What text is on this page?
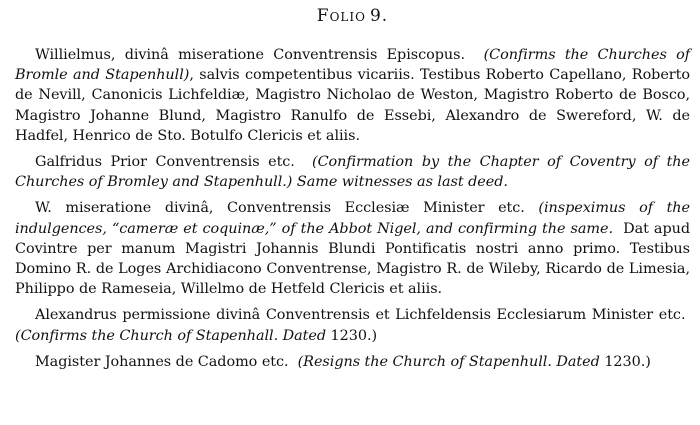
Folio 9.

Willielmus, divinâ miseratione Conventrensis Episcopus. (Confirms the Churches of Bromle and Stapenhull), salvis competentibus vicariis. Testibus Roberto Capellano, Roberto de Nevill, Canonicis Lichfeldiæ, Magistro Nicholao de Weston, Magistro Roberto de Bosco, Magistro Johanne Blund, Magistro Ranulfo de Essebi, Alexandro de Swereford, W. de Hadfel, Henrico de Sto. Botulfo Clericis et aliis.

Galfridus Prior Conventrensis etc. (Confirmation by the Chapter of Coventry of the Churches of Bromley and Stapenhull.) Same witnesses as last deed.

W. miseratione divinâ, Conventrensis Ecclesiæ Minister etc. (inspeximus of the indulgences, “cameræ et coquinæ,” of the Abbot Nigel, and confirming the same. Dat apud Covintre per manum Magistri Johannis Blundi Pontificatis nostri anno primo. Testibus Domino R. de Loges Archidiacono Conventrense, Magistro R. de Wileby, Ricardo de Limesia, Philippo de Rameseia, Willelmo de Hetfeld Clericis et aliis.

Alexandrus permissione divinâ Conventrensis et Lichfeldensis Ecclesiarum Minister etc.  (Confirms the Church of Stapenhall. Dated 1230.)

Magister Johannes de Cadomo etc. (Resigns the Church of Stapenhull. Dated 1230.)
